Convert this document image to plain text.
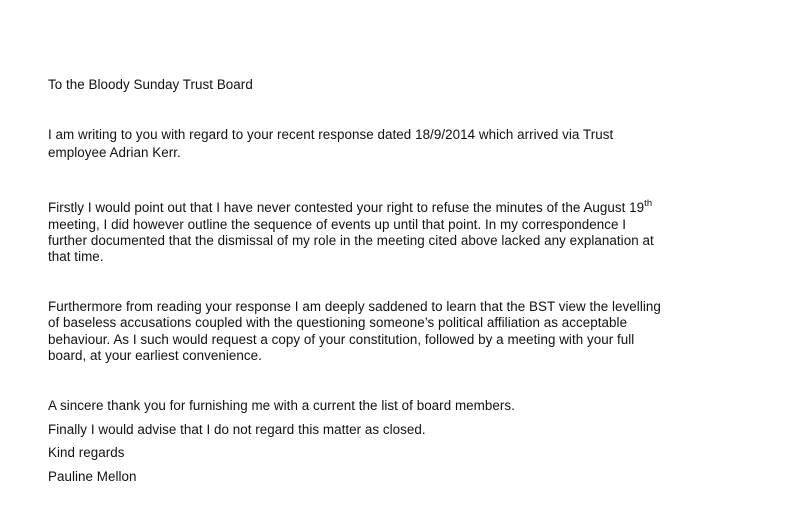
To the Bloody Sunday Trust Board
I am writing to you with regard to your recent response dated 18/9/2014 which arrived via Trust
employee Adrian Kerr.
Firstly I would point out that I have never contested your right to refuse the minutes of the August 19th
meeting, I did however outline the sequence of events up until that point. In my correspondence I
further documented that the dismissal of my role in the meeting cited above lacked any explanation at
that time.
Furthermore from reading your response I am deeply saddened to learn that the BST view the levelling
of baseless accusations coupled with the questioning someone’s political affiliation as acceptable
behaviour. As I such would request a copy of your constitution, followed by a meeting with your full
board, at your earliest convenience.
A sincere thank you for furnishing me with a current the list of board members.
Finally I would advise that I do not regard this matter as closed.
Kind regards
Pauline Mellon
